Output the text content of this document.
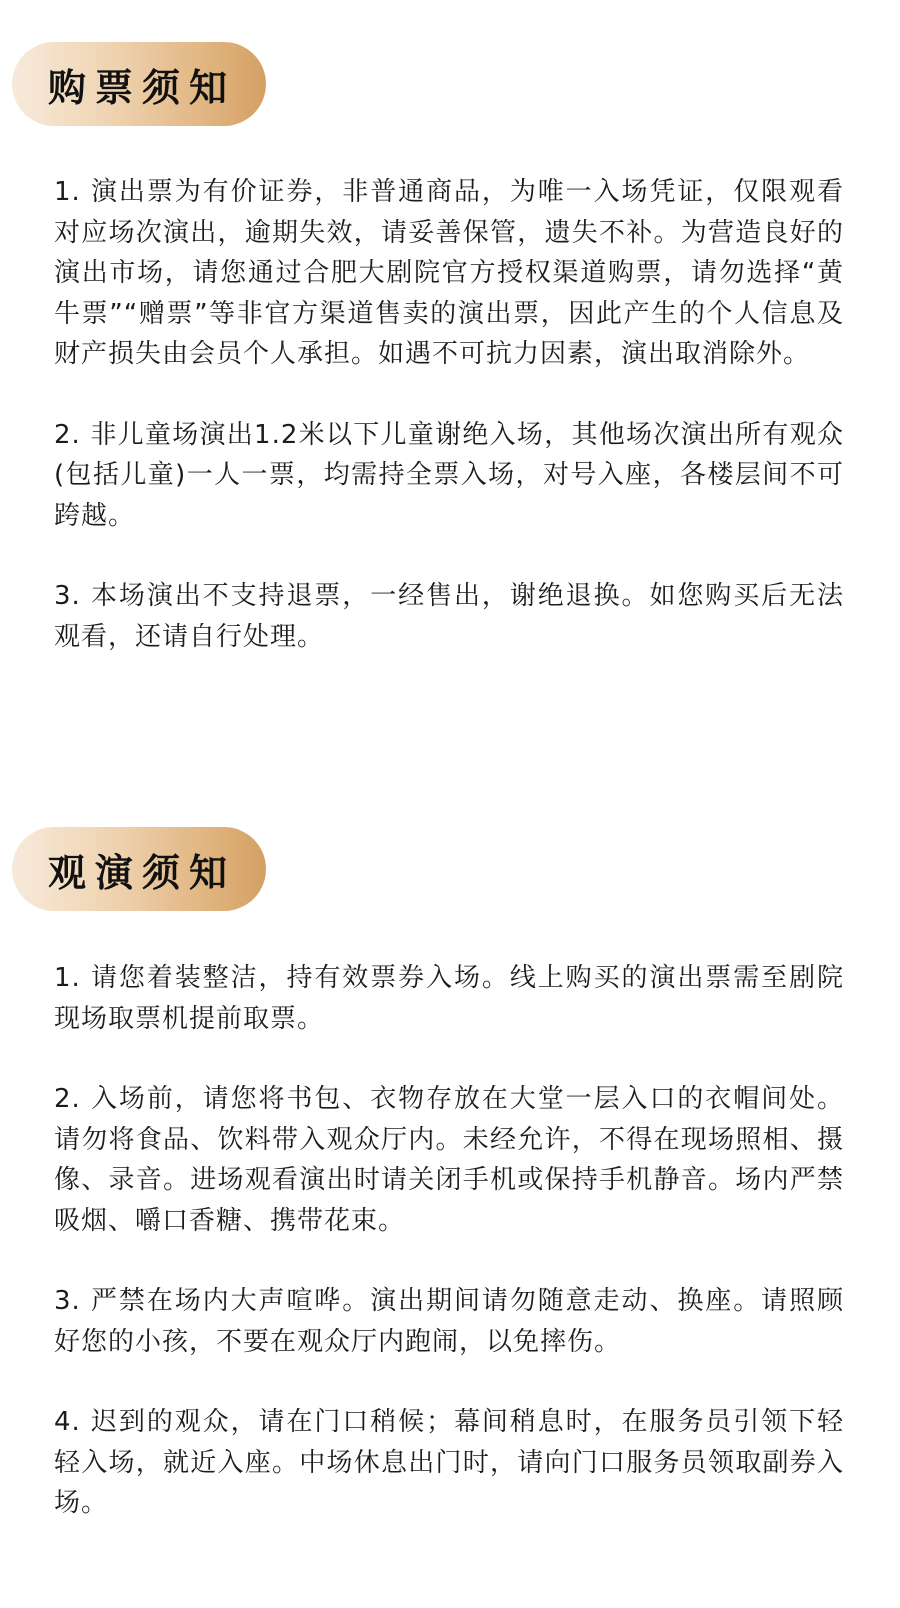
购票须知

1. 演出票为有价证券，非普通商品，为唯一入场凭证，仅限观看对应场次演出，逾期失效，请妥善保管，遗失不补。为营造良好的演出市场，请您通过合肥大剧院官方授权渠道购票，请勿选择“黄牛票”“赠票”等非官方渠道售卖的演出票，因此产生的个人信息及财产损失由会员个人承担。如遇不可抗力因素，演出取消除外。

2. 非儿童场演出1.2米以下儿童谢绝入场，其他场次演出所有观众(包括儿童)一人一票，均需持全票入场，对号入座，各楼层间不可跨越。

3. 本场演出不支持退票，一经售出，谢绝退换。如您购买后无法观看，还请自行处理。

观演须知

1. 请您着装整洁，持有效票券入场。线上购买的演出票需至剧院现场取票机提前取票。

2. 入场前，请您将书包、衣物存放在大堂一层入口的衣帽间处。请勿将食品、饮料带入观众厅内。未经允许，不得在现场照相、摄像、录音。进场观看演出时请关闭手机或保持手机静音。场内严禁吸烟、嚼口香糖、携带花束。

3. 严禁在场内大声喧哗。演出期间请勿随意走动、换座。请照顾好您的小孩，不要在观众厅内跑闹，以免摔伤。

4. 迟到的观众，请在门口稍候；幕间稍息时，在服务员引领下轻轻入场，就近入座。中场休息出门时，请向门口服务员领取副券入场。
